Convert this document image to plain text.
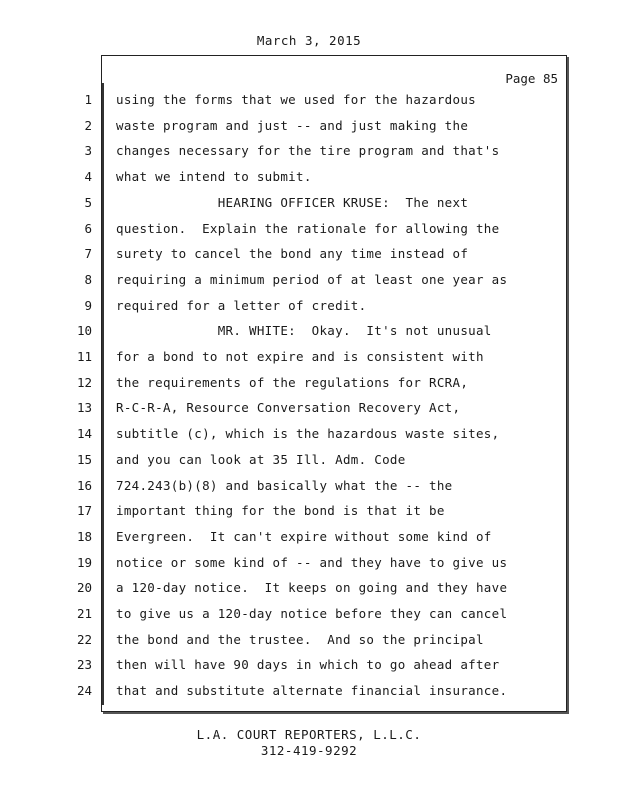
March 3, 2015
Page 85
1 using the forms that we used for the hazardous
2 waste program and just -- and just making the
3 changes necessary for the tire program and that's
4 what we intend to submit.
5 HEARING OFFICER KRUSE:  The next
6 question.  Explain the rationale for allowing the
7 surety to cancel the bond any time instead of
8 requiring a minimum period of at least one year as
9 required for a letter of credit.
10 MR. WHITE:  Okay.  It's not unusual
11 for a bond to not expire and is consistent with
12 the requirements of the regulations for RCRA,
13 R-C-R-A, Resource Conversation Recovery Act,
14 subtitle (c), which is the hazardous waste sites,
15 and you can look at 35 Ill. Adm. Code
16 724.243(b)(8) and basically what the -- the
17 important thing for the bond is that it be
18 Evergreen.  It can't expire without some kind of
19 notice or some kind of -- and they have to give us
20 a 120-day notice.  It keeps on going and they have
21 to give us a 120-day notice before they can cancel
22 the bond and the trustee.  And so the principal
23 then will have 90 days in which to go ahead after
24 that and substitute alternate financial insurance.
L.A. COURT REPORTERS, L.L.C.
312-419-9292
